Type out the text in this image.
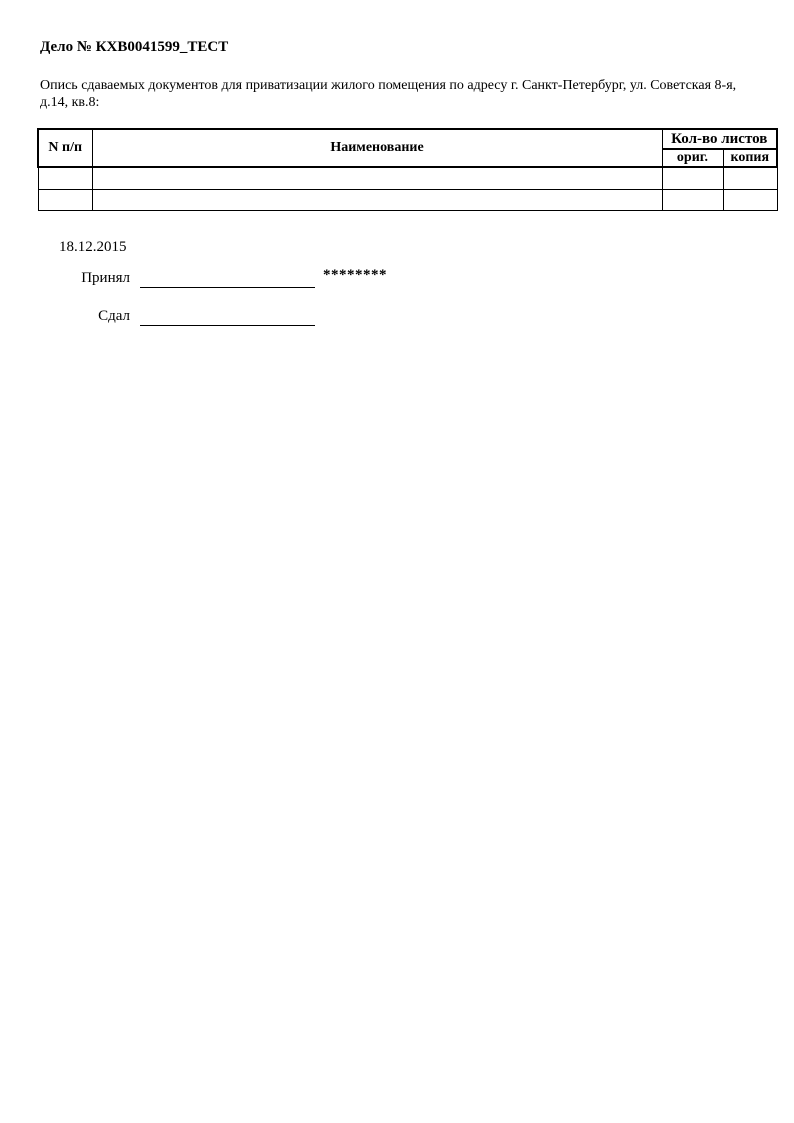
Дело № КХВ0041599_ТЕСТ
Опись сдаваемых документов для приватизации жилого помещения по адресу г. Санкт-Петербург, ул. Советская 8-я, д.14, кв.8:
N п/п	Наименование	Кол-во листов	
		ориг.	копия

18.12.2015
Принял	********
Сдал
